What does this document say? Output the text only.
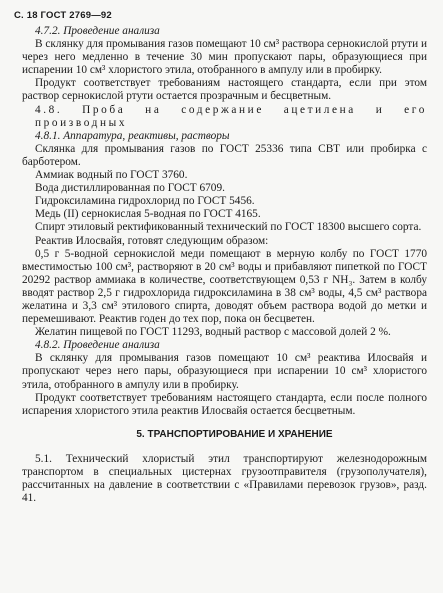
С. 18 ГОСТ 2769—92

4.7.2. Проведение анализа

В склянку для промывания газов помещают 10 см³ раствора сернокислой ртути и через него медленно в течение 30 мин пропускают пары, образующиеся при испарении 10 см³ хлористого этила, отобранного в ампулу или в пробирку.

Продукт соответствует требованиям настоящего стандарта, если при этом раствор сернокислой ртути остается прозрачным и бесцветным.

4.8. Проба на содержание ацетилена и его производных

4.8.1. Аппаратура, реактивы, растворы

Склянка для промывания газов по ГОСТ 25336 типа СВТ или пробирка с барботером.

Аммиак водный по ГОСТ 3760.

Вода дистиллированная по ГОСТ 6709.

Гидроксиламина гидрохлорид по ГОСТ 5456.

Медь (II) сернокислая 5-водная по ГОСТ 4165.

Спирт этиловый ректификованный технический по ГОСТ 18300 высшего сорта.

Реактив Илосвайя, готовят следующим образом:

0,5 г 5-водной сернокислой меди помещают в мерную колбу по ГОСТ 1770 вместимостью 100 см³, растворяют в 20 см³ воды и прибавляют пипеткой по ГОСТ 20292 раствор аммиака в количестве, соответствующем 0,53 г NH₃. Затем в колбу вводят раствор 2,5 г гидрохлорида гидроксиламина в 38 см³ воды, 4,5 см³ раствора желатина и 3,3 см³ этилового спирта, доводят объем раствора водой до метки и перемешивают. Реактив годен до тех пор, пока он бесцветен.

Желатин пищевой по ГОСТ 11293, водный раствор с массовой долей 2 %.

4.8.2. Проведение анализа

В склянку для промывания газов помещают 10 см³ реактива Илосвайя и пропускают через него пары, образующиеся при испарении 10 см³ хлористого этила, отобранного в ампулу или в пробирку.

Продукт соответствует требованиям настоящего стандарта, если после полного испарения хлористого этила реактив Илосвайя остается бесцветным.

5. ТРАНСПОРТИРОВАНИЕ И ХРАНЕНИЕ

5.1. Технический хлористый этил транспортируют железнодорожным транспортом в специальных цистернах грузоотправителя (грузополучателя), рассчитанных на давление в соответствии с «Правилами перевозок грузов», разд. 41.
